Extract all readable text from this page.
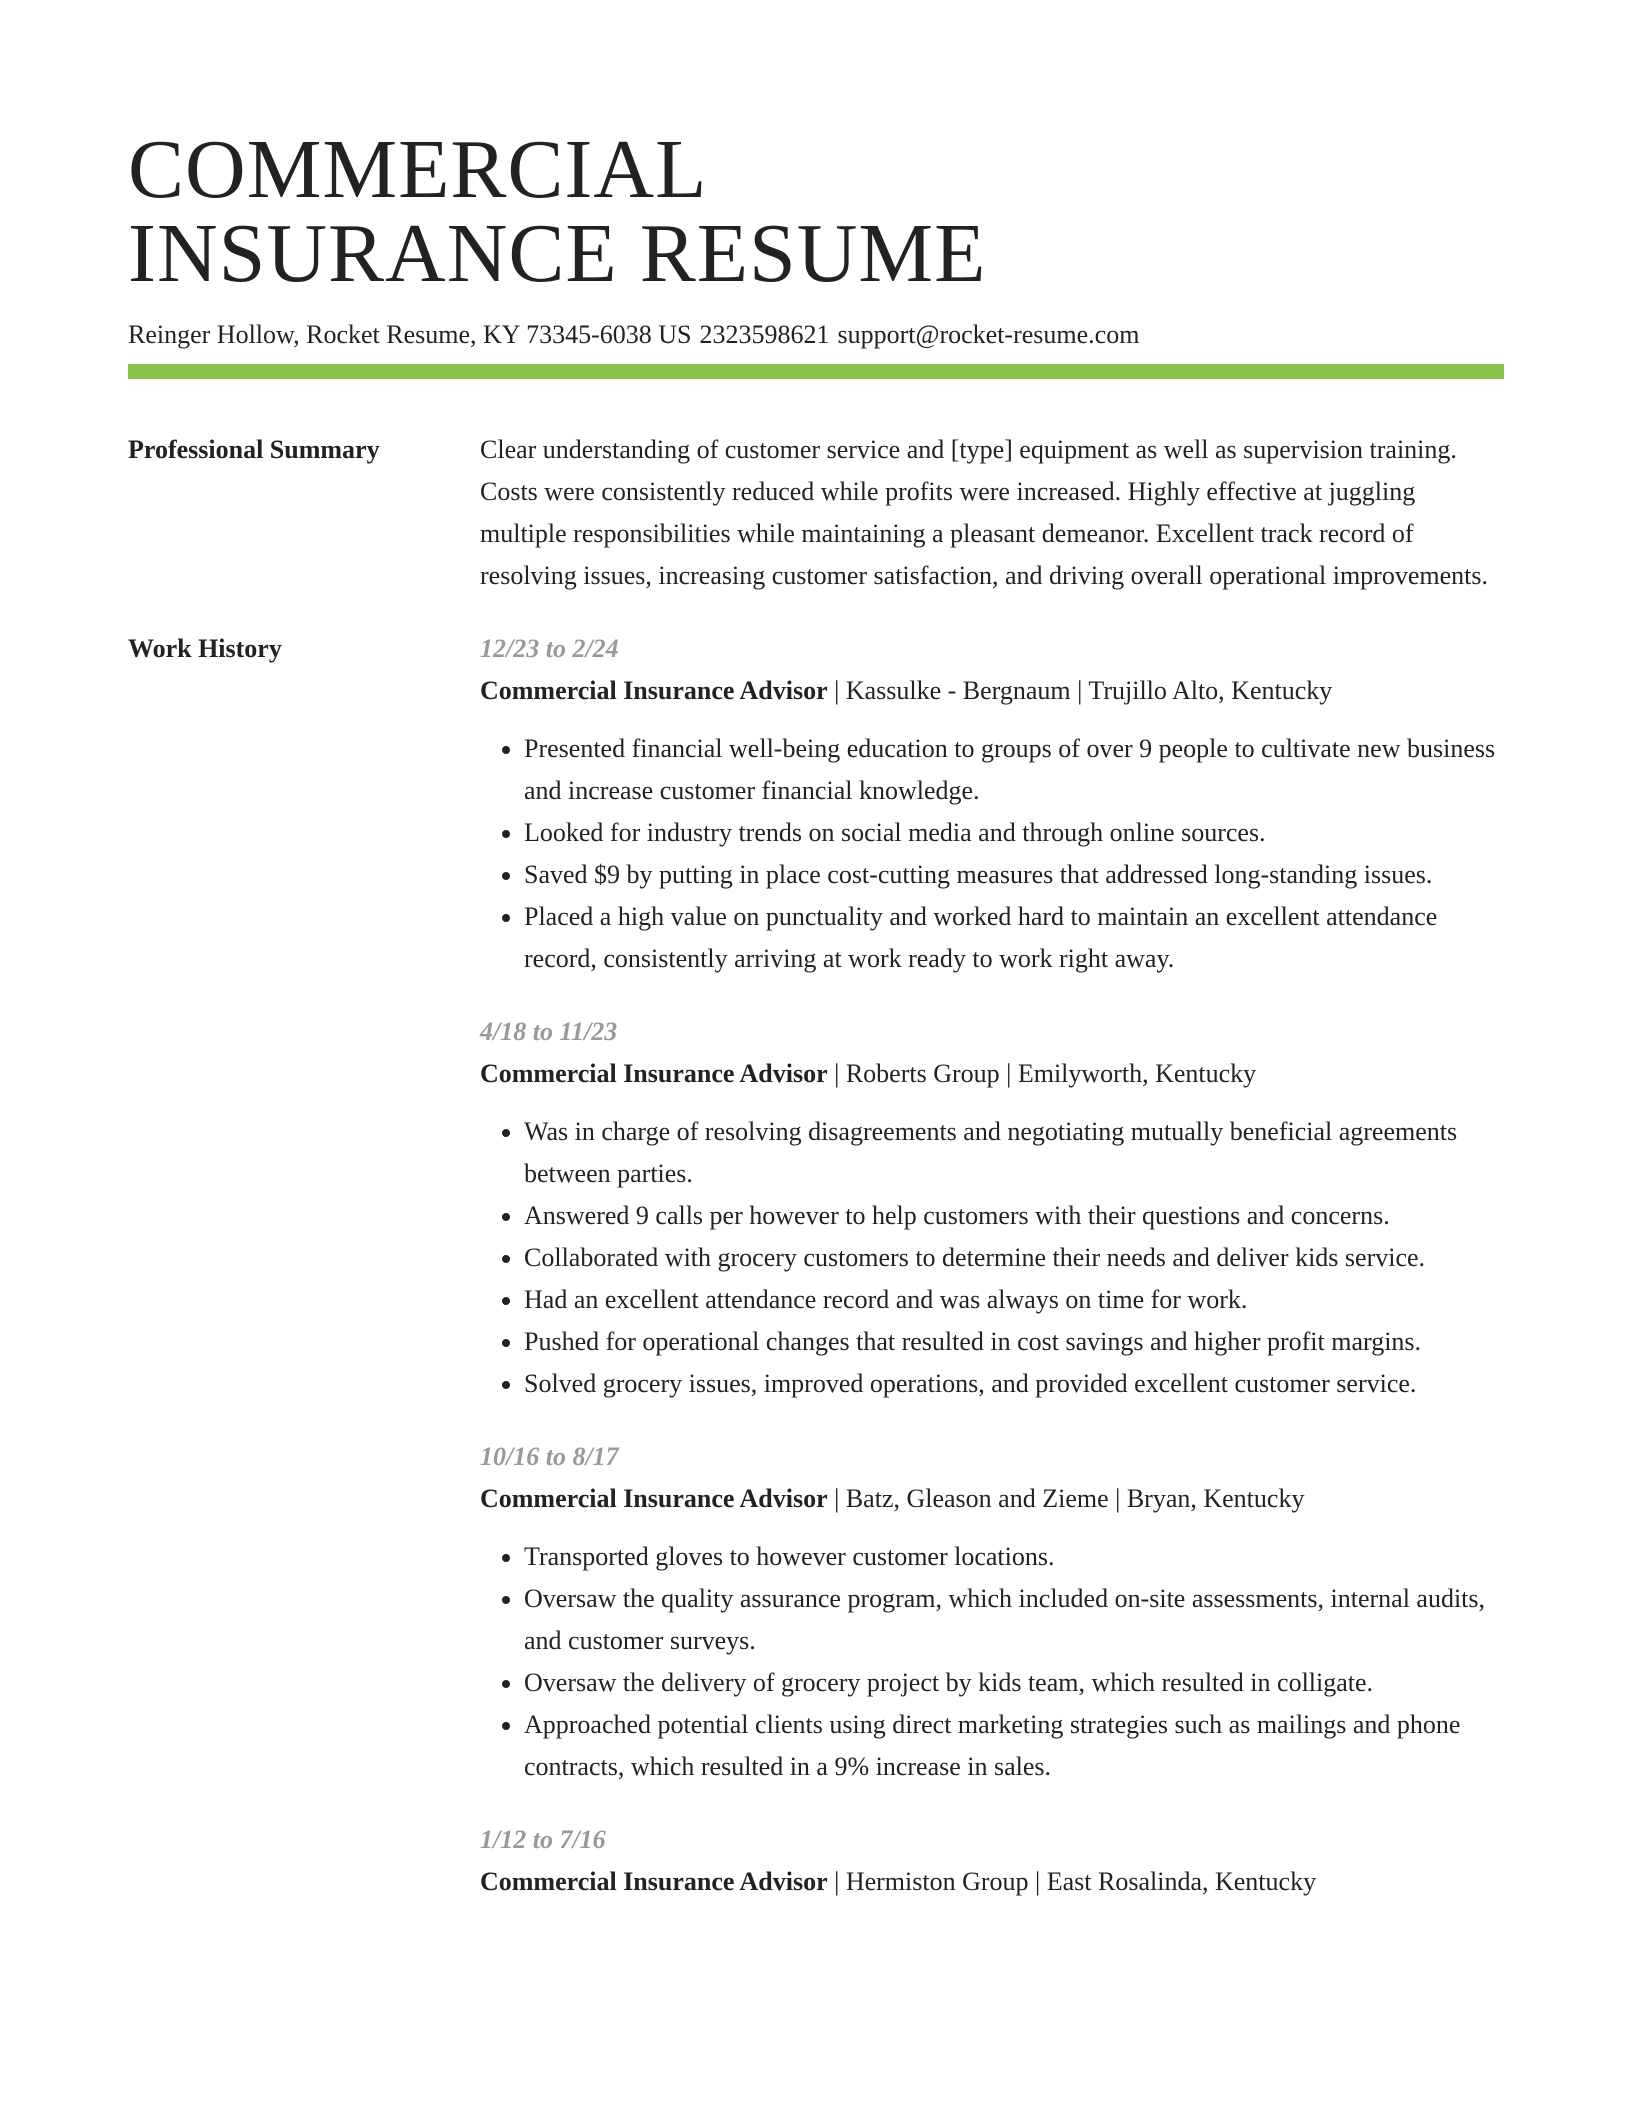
COMMERCIAL
INSURANCE RESUME
Reinger Hollow, Rocket Resume, KY 73345-6038 US 2323598621 support@rocket-resume.com
Professional Summary	Clear understanding of customer service and [type] equipment as well as supervision training. Costs were consistently reduced while profits were increased. Highly effective at juggling multiple responsibilities while maintaining a pleasant demeanor. Excellent track record of resolving issues, increasing customer satisfaction, and driving overall operational improvements.
Work History	12/23 to 2/24
Commercial Insurance Advisor | Kassulke - Bergnaum | Trujillo Alto, Kentucky
• Presented financial well-being education to groups of over 9 people to cultivate new business and increase customer financial knowledge.
• Looked for industry trends on social media and through online sources.
• Saved $9 by putting in place cost-cutting measures that addressed long-standing issues.
• Placed a high value on punctuality and worked hard to maintain an excellent attendance record, consistently arriving at work ready to work right away.
4/18 to 11/23
Commercial Insurance Advisor | Roberts Group | Emilyworth, Kentucky
• Was in charge of resolving disagreements and negotiating mutually beneficial agreements between parties.
• Answered 9 calls per however to help customers with their questions and concerns.
• Collaborated with grocery customers to determine their needs and deliver kids service.
• Had an excellent attendance record and was always on time for work.
• Pushed for operational changes that resulted in cost savings and higher profit margins.
• Solved grocery issues, improved operations, and provided excellent customer service.
10/16 to 8/17
Commercial Insurance Advisor | Batz, Gleason and Zieme | Bryan, Kentucky
• Transported gloves to however customer locations.
• Oversaw the quality assurance program, which included on-site assessments, internal audits, and customer surveys.
• Oversaw the delivery of grocery project by kids team, which resulted in colligate.
• Approached potential clients using direct marketing strategies such as mailings and phone contracts, which resulted in a 9% increase in sales.
1/12 to 7/16
Commercial Insurance Advisor | Hermiston Group | East Rosalinda, Kentucky
